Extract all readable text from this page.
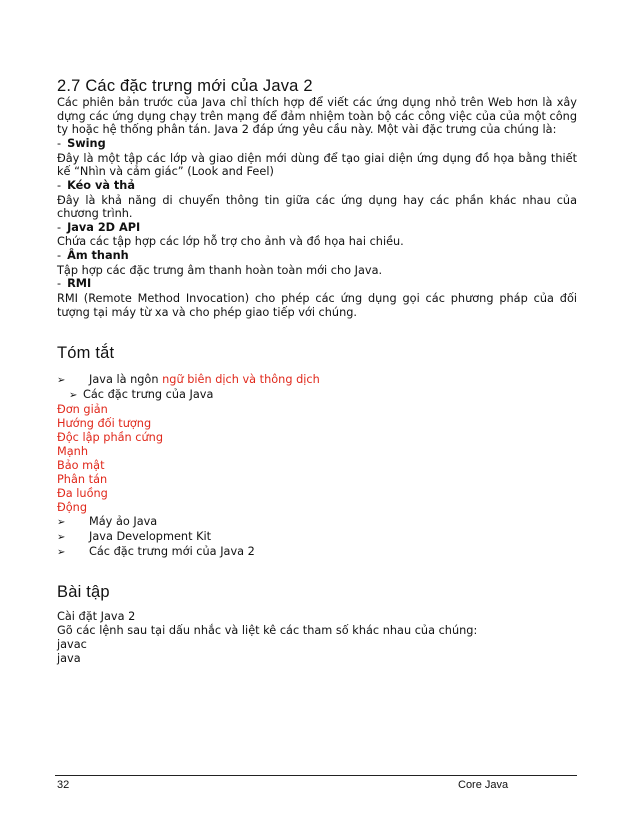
2.7 Các đặc trưng mới của Java 2

Các phiên bản trước của Java chỉ thích hợp để viết các ứng dụng nhỏ trên Web hơn là xây dựng các ứng dụng chạy trên mạng để đảm nhiệm toàn bộ các công việc của của một công ty hoặc hệ thống phân tán. Java 2 đáp ứng yêu cầu này. Một vài đặc trưng của chúng là:

- Swing
Đây là một tập các lớp và giao diện mới dùng để tạo giai diện ứng dụng đồ họa bằng thiết kế “Nhìn và cảm giác” (Look and Feel)
- Kéo và thả
Đây là khả năng di chuyển thông tin giữa các ứng dụng hay các phần khác nhau của chương trình.
- Java 2D API
Chứa các tập hợp các lớp hỗ trợ cho ảnh và đồ họa hai chiều.
- Âm thanh
Tập hợp các đặc trưng âm thanh hoàn toàn mới cho Java.
- RMI
RMI (Remote Method Invocation) cho phép các ứng dụng gọi các phương pháp của đối tượng tại máy từ xa và cho phép giao tiếp với chúng.
Tóm tắt
➢	Java là ngôn ngữ biên dịch và thông dịch
➢ Các đặc trưng của Java
Đơn giản
Hướng đối tượng
Độc lập phần cứng
Mạnh
Bảo mật
Phân tán
Đa luồng
Động
➢	Máy ảo Java
➢	Java Development Kit
➢	Các đặc trưng mới của Java 2
Bài tập
Cài đặt Java 2
Gõ các lệnh sau tại dấu nhắc và liệt kê các tham số khác nhau của chúng:
javac
java
32	Core Java
